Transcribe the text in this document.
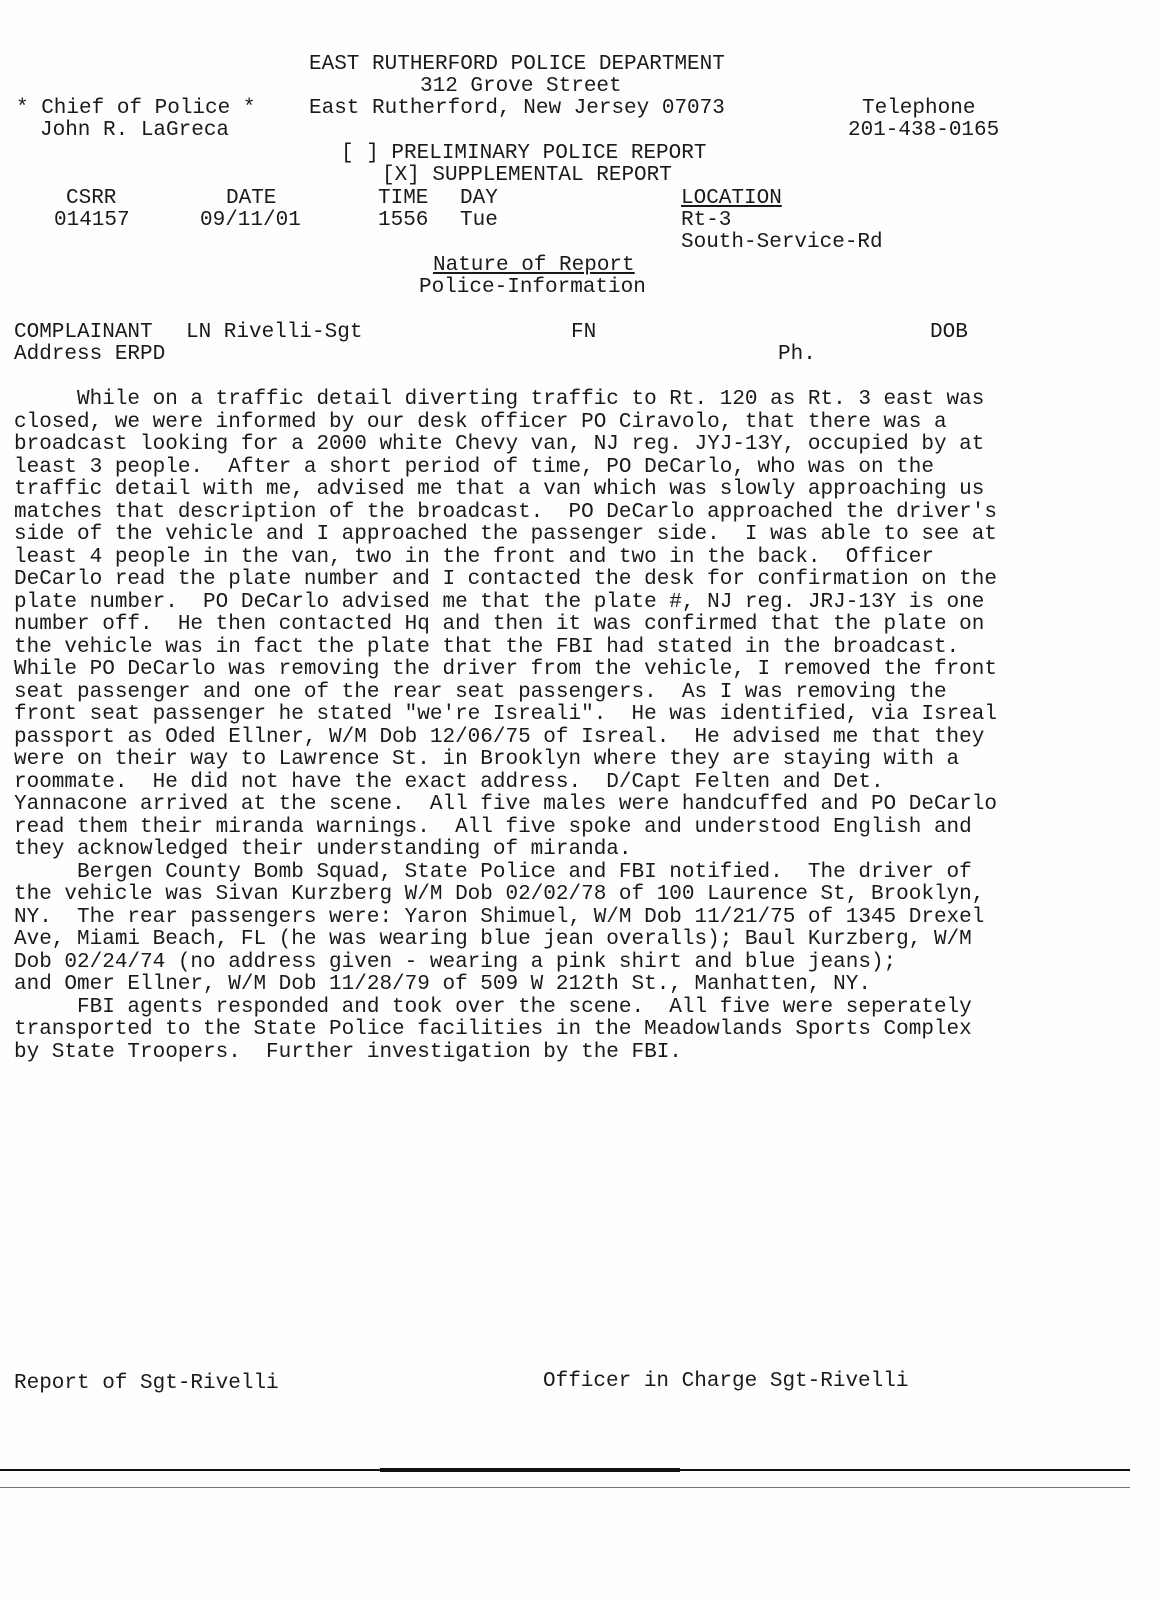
EAST RUTHERFORD POLICE DEPARTMENT
312 Grove Street
* Chief of Police *	East Rutherford, New Jersey 07073	Telephone
John R. LaGreca	201-438-0165
[ ] PRELIMINARY POLICE REPORT
[X] SUPPLEMENTAL REPORT
CSRR	DATE	TIME DAY	LOCATION
014157	09/11/01	1556 Tue	Rt-3
South-Service-Rd
Nature of Report
Police-Information
COMPLAINANT LN Rivelli-Sgt	FN	DOB
Address ERPD	Ph.

While on a traffic detail diverting traffic to Rt. 120 as Rt. 3 east was

closed, we were informed by our desk officer PO Ciravolo, that there was a

broadcast looking for a 2000 white Chevy van, NJ reg. JYJ-13Y, occupied by at

least 3 people.  After a short period of time, PO DeCarlo, who was on the

traffic detail with me, advised me that a van which was slowly approaching us

matches that description of the broadcast.  PO DeCarlo approached the driver's

side of the vehicle and I approached the passenger side.  I was able to see at

least 4 people in the van, two in the front and two in the back.  Officer

DeCarlo read the plate number and I contacted the desk for confirmation on the

plate number.  PO DeCarlo advised me that the plate #, NJ reg. JRJ-13Y is one

number off.  He then contacted Hq and then it was confirmed that the plate on

the vehicle was in fact the plate that the FBI had stated in the broadcast.

While PO DeCarlo was removing the driver from the vehicle, I removed the front

seat passenger and one of the rear seat passengers.  As I was removing the

front seat passenger he stated "we're Isreali".  He was identified, via Isreal

passport as Oded Ellner, W/M Dob 12/06/75 of Isreal.  He advised me that they

were on their way to Lawrence St. in Brooklyn where they are staying with a

roommate.  He did not have the exact address.  D/Capt Felten and Det.

Yannacone arrived at the scene.  All five males were handcuffed and PO DeCarlo

read them their miranda warnings.  All five spoke and understood English and

they acknowledged their understanding of miranda.

Bergen County Bomb Squad, State Police and FBI notified.  The driver of

the vehicle was Sivan Kurzberg W/M Dob 02/02/78 of 100 Laurence St, Brooklyn,

NY.  The rear passengers were: Yaron Shimuel, W/M Dob 11/21/75 of 1345 Drexel

Ave, Miami Beach, FL (he was wearing blue jean overalls); Baul Kurzberg, W/M

Dob 02/24/74 (no address given - wearing a pink shirt and blue jeans);

and Omer Ellner, W/M Dob 11/28/79 of 509 W 212th St., Manhatten, NY.

FBI agents responded and took over the scene.  All five were seperately

transported to the State Police facilities in the Meadowlands Sports Complex

by State Troopers.  Further investigation by the FBI.

Report of Sgt-Rivelli	Officer in Charge Sgt-Rivelli
